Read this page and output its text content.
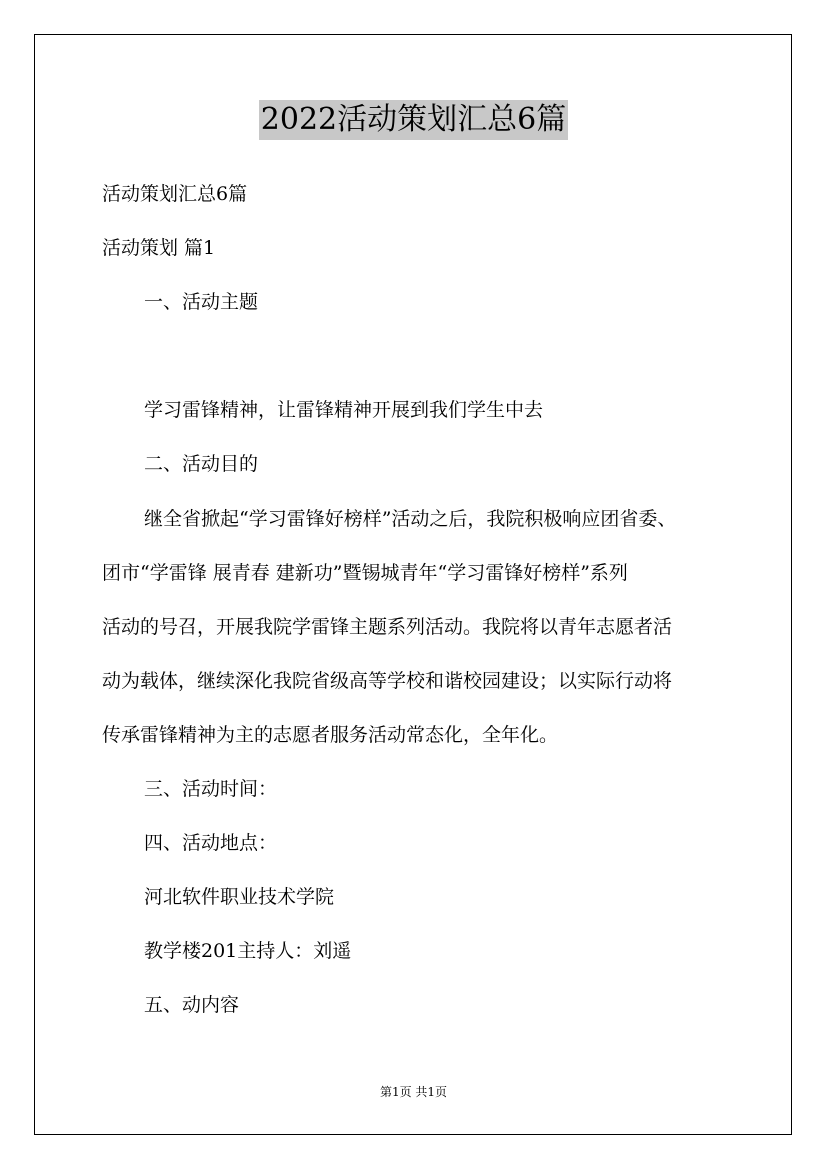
2022活动策划汇总6篇
活动策划汇总6篇
活动策划 篇1
一、活动主题
学习雷锋精神，让雷锋精神开展到我们学生中去
二、活动目的
继全省掀起“学习雷锋好榜样”活动之后，我院积极响应团省委、
团市“学雷锋 展青春 建新功”暨锡城青年“学习雷锋好榜样”系列
活动的号召，开展我院学雷锋主题系列活动。我院将以青年志愿者活
动为载体，继续深化我院省级高等学校和谐校园建设；以实际行动将
传承雷锋精神为主的志愿者服务活动常态化，全年化。
三、活动时间：
四、活动地点：
河北软件职业技术学院
教学楼201主持人：刘遥
五、动内容
第1页 共1页
